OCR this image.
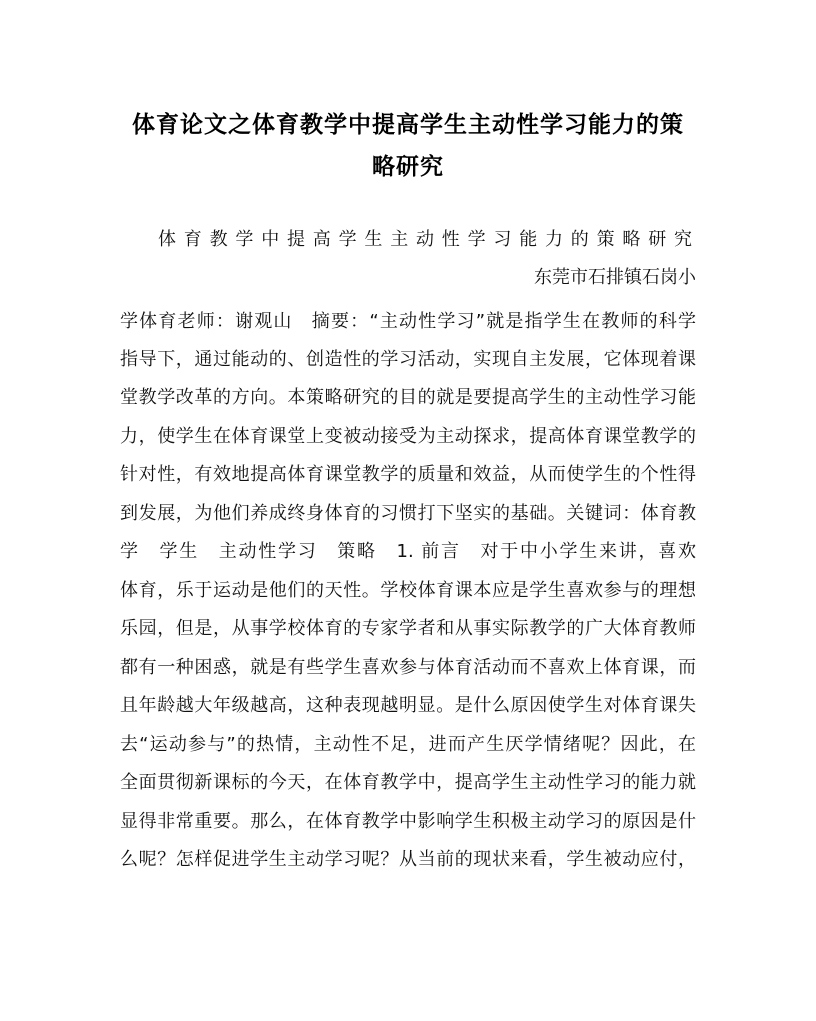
体育论文之体育教学中提高学生主动性学习能力的策
略研究
体育教学中提高学生主动性学习能力的策略研究
东莞市石排镇石岗小
学体育老师：谢观山　摘要：“主动性学习”就是指学生在教师的科学
指导下，通过能动的、创造性的学习活动，实现自主发展，它体现着课
堂教学改革的方向。本策略研究的目的就是要提高学生的主动性学习能
力，使学生在体育课堂上变被动接受为主动探求，提高体育课堂教学的
针对性，有效地提高体育课堂教学的质量和效益，从而使学生的个性得
到发展，为他们养成终身体育的习惯打下坚实的基础。关键词：体育教
学　学生　主动性学习　策略　1. 前言　对于中小学生来讲，喜欢
体育，乐于运动是他们的天性。学校体育课本应是学生喜欢参与的理想
乐园，但是，从事学校体育的专家学者和从事实际教学的广大体育教师
都有一种困惑，就是有些学生喜欢参与体育活动而不喜欢上体育课，而
且年龄越大年级越高，这种表现越明显。是什么原因使学生对体育课失
去“运动参与”的热情，主动性不足，进而产生厌学情绪呢？因此，在
全面贯彻新课标的今天，在体育教学中，提高学生主动性学习的能力就
显得非常重要。那么，在体育教学中影响学生积极主动学习的原因是什
么呢？怎样促进学生主动学习呢？从当前的现状来看，学生被动应付，
